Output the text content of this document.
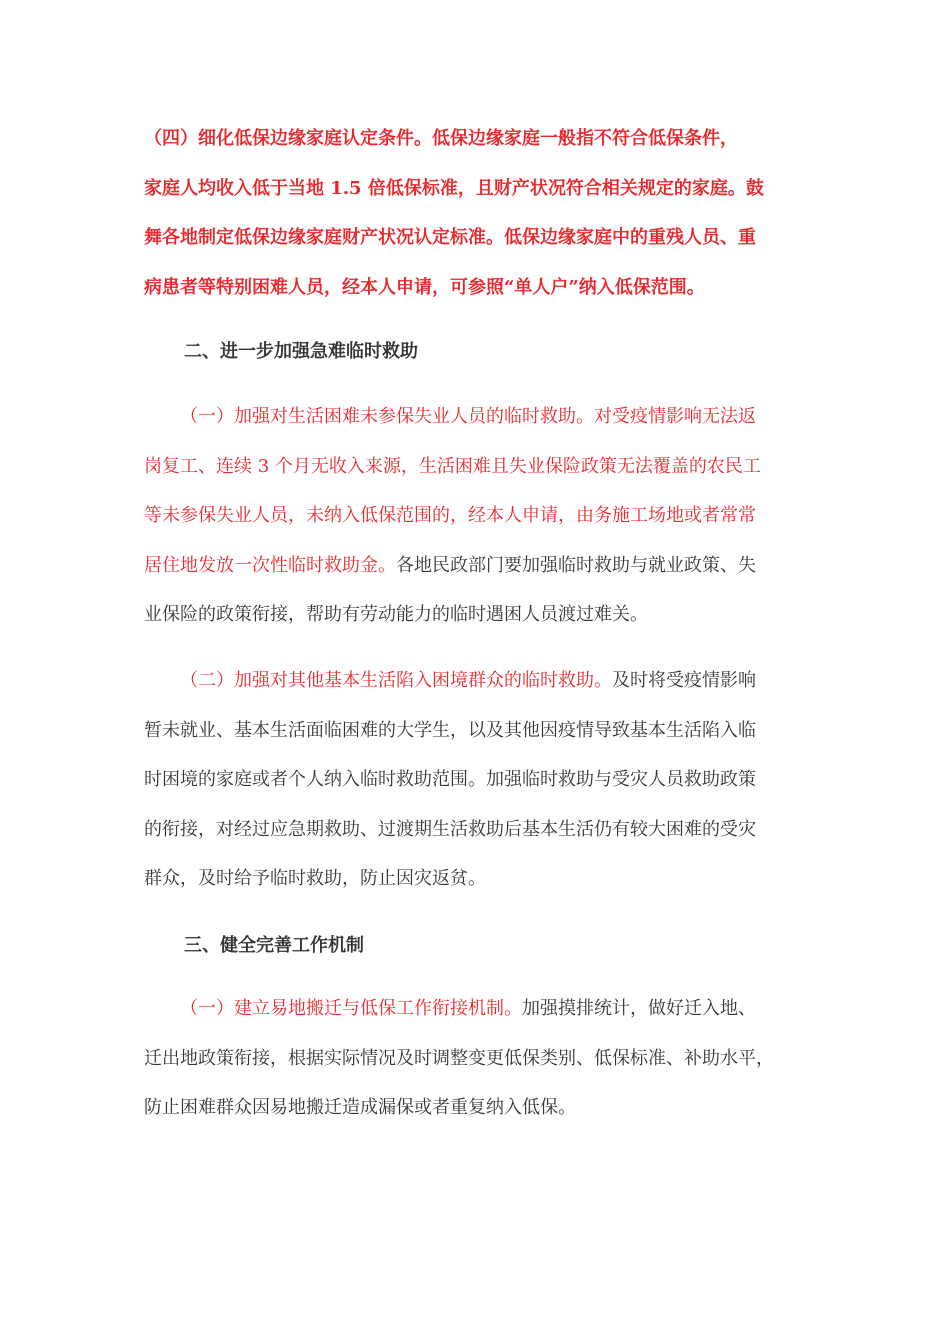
（四）细化低保边缘家庭认定条件。低保边缘家庭一般指不符合低保条件，
家庭人均收入低于当地 1.5 倍低保标准，且财产状况符合相关规定的家庭。鼓
舞各地制定低保边缘家庭财产状况认定标准。低保边缘家庭中的重残人员、重
病患者等特别困难人员，经本人申请，可参照“单人户”纳入低保范围。
二、进一步加强急难临时救助
（一）加强对生活困难未参保失业人员的临时救助。对受疫情影响无法返
岗复工、连续 3 个月无收入来源，生活困难且失业保险政策无法覆盖的农民工
等未参保失业人员，未纳入低保范围的，经本人申请，由务施工场地或者常常
居住地发放一次性临时救助金。各地民政部门要加强临时救助与就业政策、失
业保险的政策衔接，帮助有劳动能力的临时遇困人员渡过难关。
（二）加强对其他基本生活陷入困境群众的临时救助。及时将受疫情影响
暂未就业、基本生活面临困难的大学生，以及其他因疫情导致基本生活陷入临
时困境的家庭或者个人纳入临时救助范围。加强临时救助与受灾人员救助政策
的衔接，对经过应急期救助、过渡期生活救助后基本生活仍有较大困难的受灾
群众，及时给予临时救助，防止因灾返贫。
三、健全完善工作机制
（一）建立易地搬迁与低保工作衔接机制。加强摸排统计，做好迁入地、
迁出地政策衔接，根据实际情况及时调整变更低保类别、低保标准、补助水平，
防止困难群众因易地搬迁造成漏保或者重复纳入低保。
